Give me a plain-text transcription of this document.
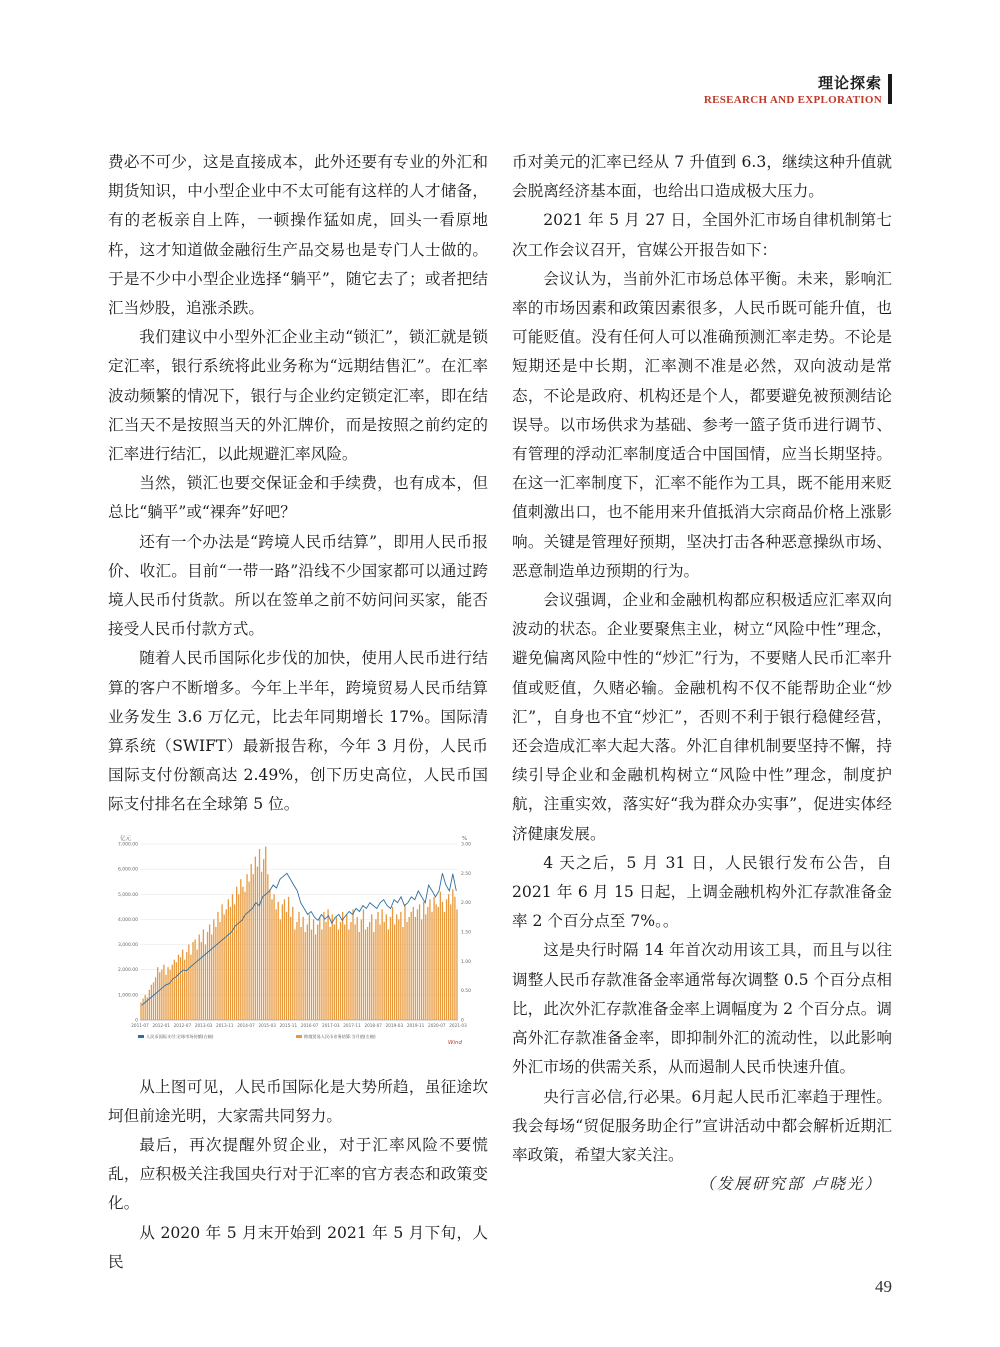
理论探索
RESEARCH AND EXPLORATION

费必不可少，这是直接成本，此外还要有专业的外汇和期货知识，中小型企业中不太可能有这样的人才储备，有的老板亲自上阵，一顿操作猛如虎，回头一看原地杵，这才知道做金融衍生产品交易也是专门人士做的。于是不少中小型企业选择“躺平”，随它去了；或者把结汇当炒股，追涨杀跌。

我们建议中小型外汇企业主动“锁汇”，锁汇就是锁定汇率，银行系统将此业务称为“远期结售汇”。在汇率波动频繁的情况下，银行与企业约定锁定汇率，即在结汇当天不是按照当天的外汇牌价，而是按照之前约定的汇率进行结汇，以此规避汇率风险。

当然，锁汇也要交保证金和手续费，也有成本，但总比“躺平”或“裸奔”好吧？

还有一个办法是“跨境人民币结算”，即用人民币报价、收汇。目前“一带一路”沿线不少国家都可以通过跨境人民币付货款。所以在签单之前不妨问问买家，能否接受人民币付款方式。

随着人民币国际化步伐的加快，使用人民币进行结算的客户不断增多。今年上半年，跨境贸易人民币结算业务发生 3.6 万亿元，比去年同期增长 17%。国际清算系统（SWIFT）最新报告称，今年 3 月份，人民币国际支付份额高达 2.49%，创下历史高位，人民币国际支付排名在全球第 5 位。

亿元	%
0
1,000.00
2,000.00
3,000.00
4,000.00
5,000.00
6,000.00
7,000.00
0
0.50
1.00
1.50
2.00
2.50
3.00
2011-07 2012-01 2012-07 2013-03 2013-11 2014-07 2015-03 2015-11 2016-07 2017-03 2017-11 2018-07 2019-03 2019-11 2020-07 2021-03
人民币国际支付:全球市场份额(右轴)	跨境贸易人民币业务结算:当月值(左轴)
Wind

从上图可见，人民币国际化是大势所趋，虽征途坎坷但前途光明，大家需共同努力。

最后，再次提醒外贸企业，对于汇率风险不要慌乱，应积极关注我国央行对于汇率的官方表态和政策变化。

从 2020 年 5 月末开始到 2021 年 5 月下旬，人民

币对美元的汇率已经从 7 升值到 6.3，继续这种升值就会脱离经济基本面，也给出口造成极大压力。

2021 年 5 月 27 日，全国外汇市场自律机制第七次工作会议召开，官媒公开报告如下：

会议认为，当前外汇市场总体平衡。未来，影响汇率的市场因素和政策因素很多，人民币既可能升值，也可能贬值。没有任何人可以准确预测汇率走势。不论是短期还是中长期，汇率测不准是必然，双向波动是常态，不论是政府、机构还是个人，都要避免被预测结论误导。以市场供求为基础、参考一篮子货币进行调节、有管理的浮动汇率制度适合中国国情，应当长期坚持。在这一汇率制度下，汇率不能作为工具，既不能用来贬值刺激出口，也不能用来升值抵消大宗商品价格上涨影响。关键是管理好预期，坚决打击各种恶意操纵市场、恶意制造单边预期的行为。

会议强调，企业和金融机构都应积极适应汇率双向波动的状态。企业要聚焦主业，树立“风险中性”理念，避免偏离风险中性的“炒汇”行为，不要赌人民币汇率升值或贬值，久赌必输。金融机构不仅不能帮助企业“炒汇”，自身也不宜“炒汇”，否则不利于银行稳健经营，还会造成汇率大起大落。外汇自律机制要坚持不懈，持续引导企业和金融机构树立“风险中性”理念，制度护航，注重实效，落实好“我为群众办实事”，促进实体经济健康发展。

4 天之后，5 月 31 日，人民银行发布公告，自 2021 年 6 月 15 日起，上调金融机构外汇存款准备金率 2 个百分点至 7%。。

这是央行时隔 14 年首次动用该工具，而且与以往调整人民币存款准备金率通常每次调整 0.5 个百分点相比，此次外汇存款准备金率上调幅度为 2 个百分点。调高外汇存款准备金率，即抑制外汇的流动性，以此影响外汇市场的供需关系，从而遏制人民币快速升值。

央行言必信,行必果。6月起人民币汇率趋于理性。我会每场“贸促服务助企行”宣讲活动中都会解析近期汇率政策，希望大家关注。

（发展研究部 卢晓光）

49
